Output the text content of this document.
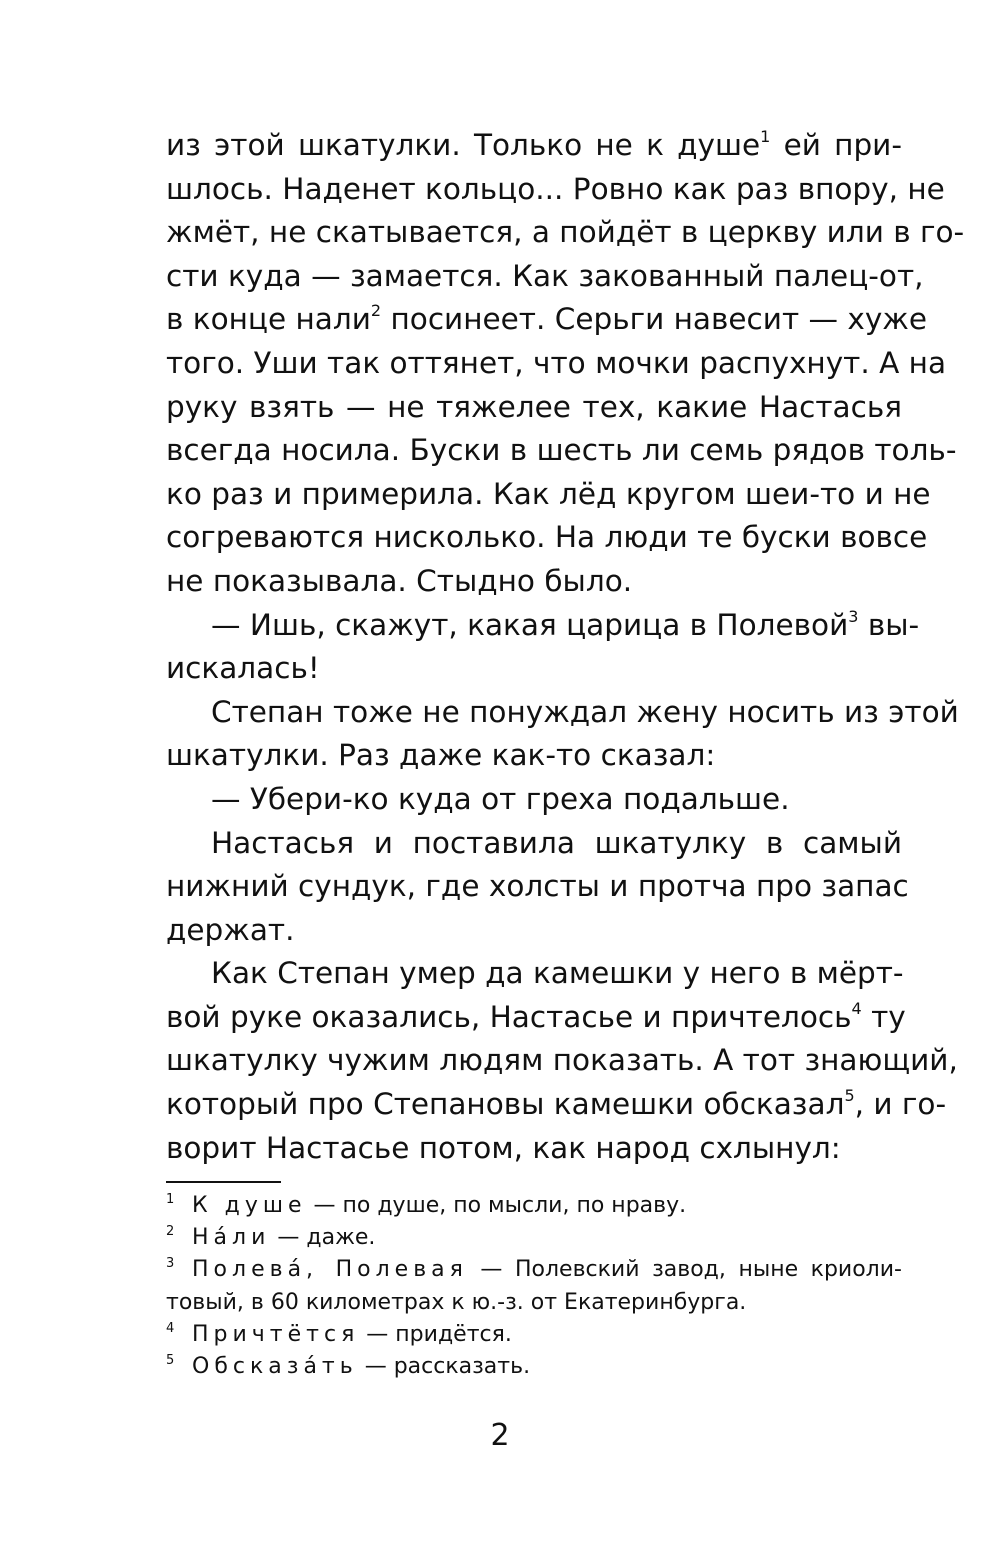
из этой шкатулки. Только не к душе$^1$ ей при-
шлось. Наденет кольцо... Ровно как раз впору, не
жмёт, не скатывается, а пойдёт в церкву или в го-
сти куда — замается. Как закованный палец-от,
в конце нали$^2$ посинеет. Серьги навесит — хуже
того. Уши так оттянет, что мочки распухнут. А на
руку взять — не тяжелее тех, какие Настасья
всегда носила. Буски в шесть ли семь рядов толь-
ко раз и примерила. Как лёд кругом шеи-то и не
согреваются нисколько. На люди те буски вовсе
не показывала. Стыдно было.
— Ишь, скажут, какая царица в Полевой$^3$ вы-
искалась!
Степан тоже не понуждал жену носить из этой
шкатулки. Раз даже как-то сказал:
— Убери-ко куда от греха подальше.
Настасья и поставила шкатулку в самый
нижний сундук, где холсты и протча про запас
держат.
Как Степан умер да камешки у него в мёрт-
вой руке оказались, Настасье и причтелось$^4$ ту
шкатулку чужим людям показать. А тот знающий,
который про Степановы камешки обсказал$^5$, и го-
ворит Настасье потом, как народ схлынул:
1 К душе — по душе, по мысли, по нраву.
2 На́ли — даже.
3 Полева́, Полевая — Полевский завод, ныне криоли-
товый, в 60 километрах к ю.-з. от Екатеринбурга.
4 Причтётся — придётся.
5 Обсказа́ть — рассказать.
2
